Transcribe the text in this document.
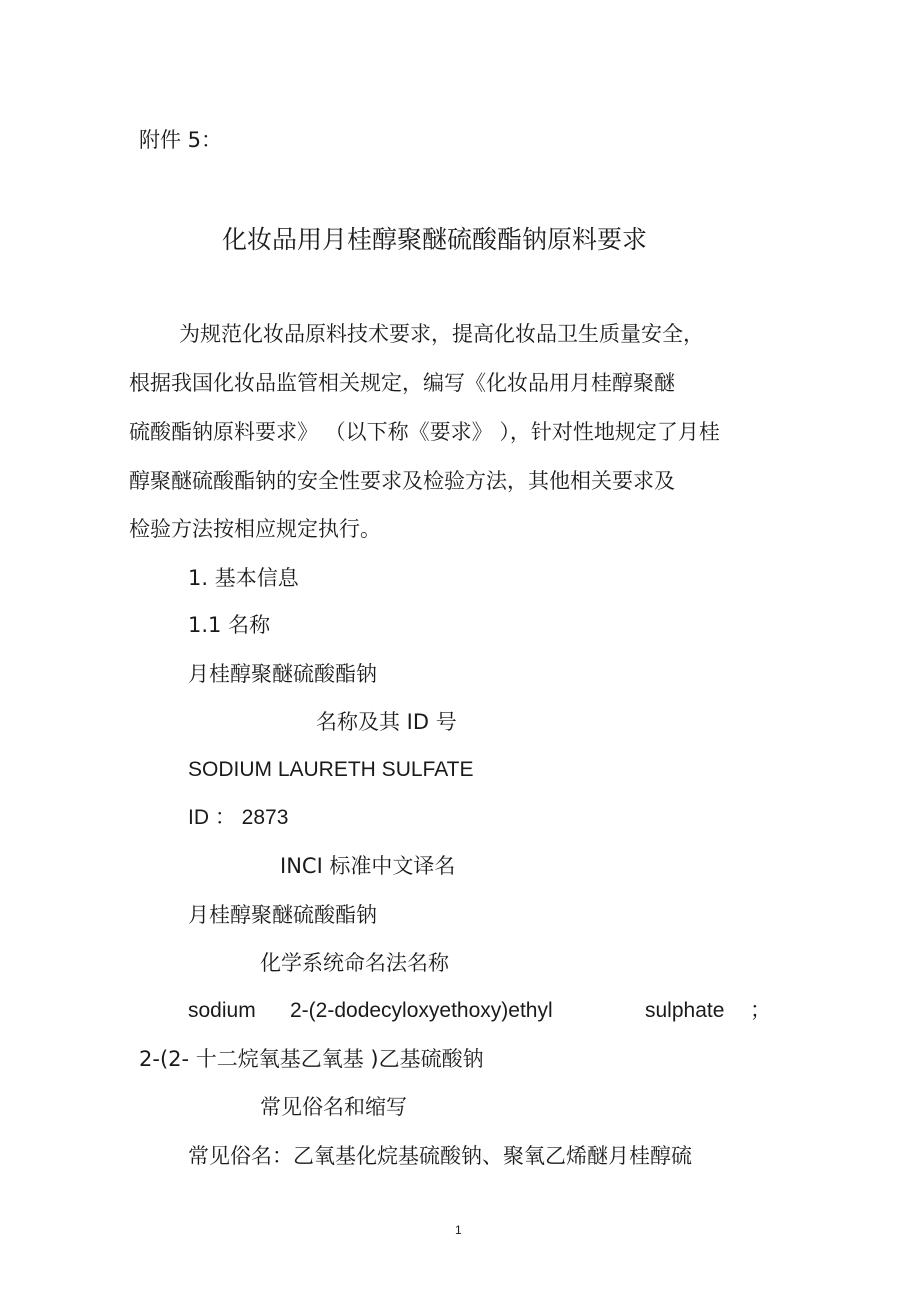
附件 5：

化妆品用月桂醇聚醚硫酸酯钠原料要求

为规范化妆品原料技术要求，提高化妆品卫生质量安全，

根据我国化妆品监管相关规定，编写《化妆品用月桂醇聚醚

硫酸酯钠原料要求》 （以下称《要求》 ），针对性地规定了月桂

醇聚醚硫酸酯钠的安全性要求及检验方法，其他相关要求及

检验方法按相应规定执行。

1. 基本信息

1.1 名称

月桂醇聚醚硫酸酯钠

名称及其 ID 号

SODIUM LAURETH SULFATE

ID ： 2873

INCI 标准中文译名

月桂醇聚醚硫酸酯钠

化学系统命名法名称

sodium 2-(2-dodecyloxyethoxy)ethyl	sulphate ；

2-(2- 十二烷氧基乙氧基 )乙基硫酸钠

常见俗名和缩写

常见俗名：乙氧基化烷基硫酸钠、聚氧乙烯醚月桂醇硫

1
